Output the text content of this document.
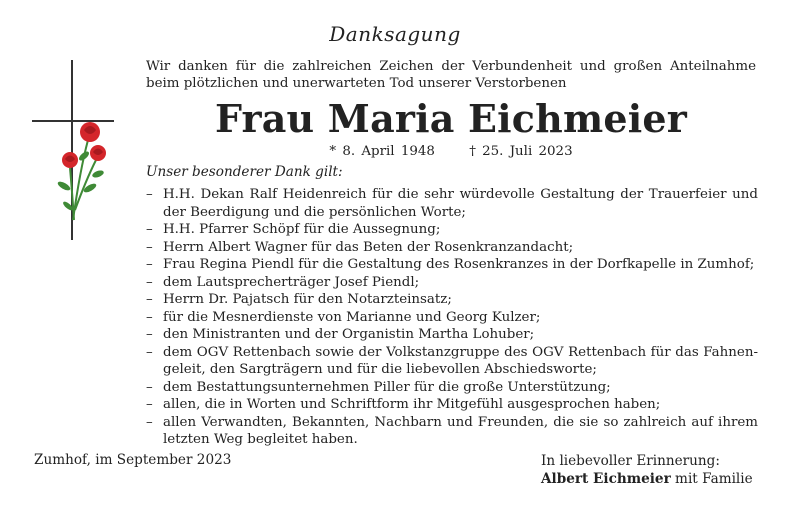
Danksagung
Wir danken für die zahlreichen Zeichen der Verbundenheit und großen Anteilnahme beim plötzlichen und unerwarteten Tod unserer Verstorbenen
Frau Maria Eichmeier
* 8. April 1948	† 25. Juli 2023
Unser besonderer Dank gilt:
– H.H. Dekan Ralf Heidenreich für die sehr würdevolle Gestaltung der Trauerfeier und der Beerdigung und die persönlichen Worte;
– H.H. Pfarrer Schöpf für die Aussegnung;
– Herrn Albert Wagner für das Beten der Rosenkranzandacht;
– Frau Regina Piendl für die Gestaltung des Rosenkranzes in der Dorfkapelle in Zumhof;
– dem Lautsprecherträger Josef Piendl;
– Herrn Dr. Pajatsch für den Notarzteinsatz;
– für die Mesnerdienste von Marianne und Georg Kulzer;
– den Ministranten und der Organistin Martha Lohuber;
– dem OGV Rettenbach sowie der Volkstanzgruppe des OGV Rettenbach für das Fahnengeleit, den Sargträgern und für die liebevollen Abschiedsworte;
– dem Bestattungsunternehmen Piller für die große Unterstützung;
– allen, die in Worten und Schriftform ihr Mitgefühl ausgesprochen haben;
– allen Verwandten, Bekannten, Nachbarn und Freunden, die sie so zahlreich auf ihrem letzten Weg begleitet haben.
Zumhof, im September 2023	In liebevoller Erinnerung:
Albert Eichmeier mit Familie
